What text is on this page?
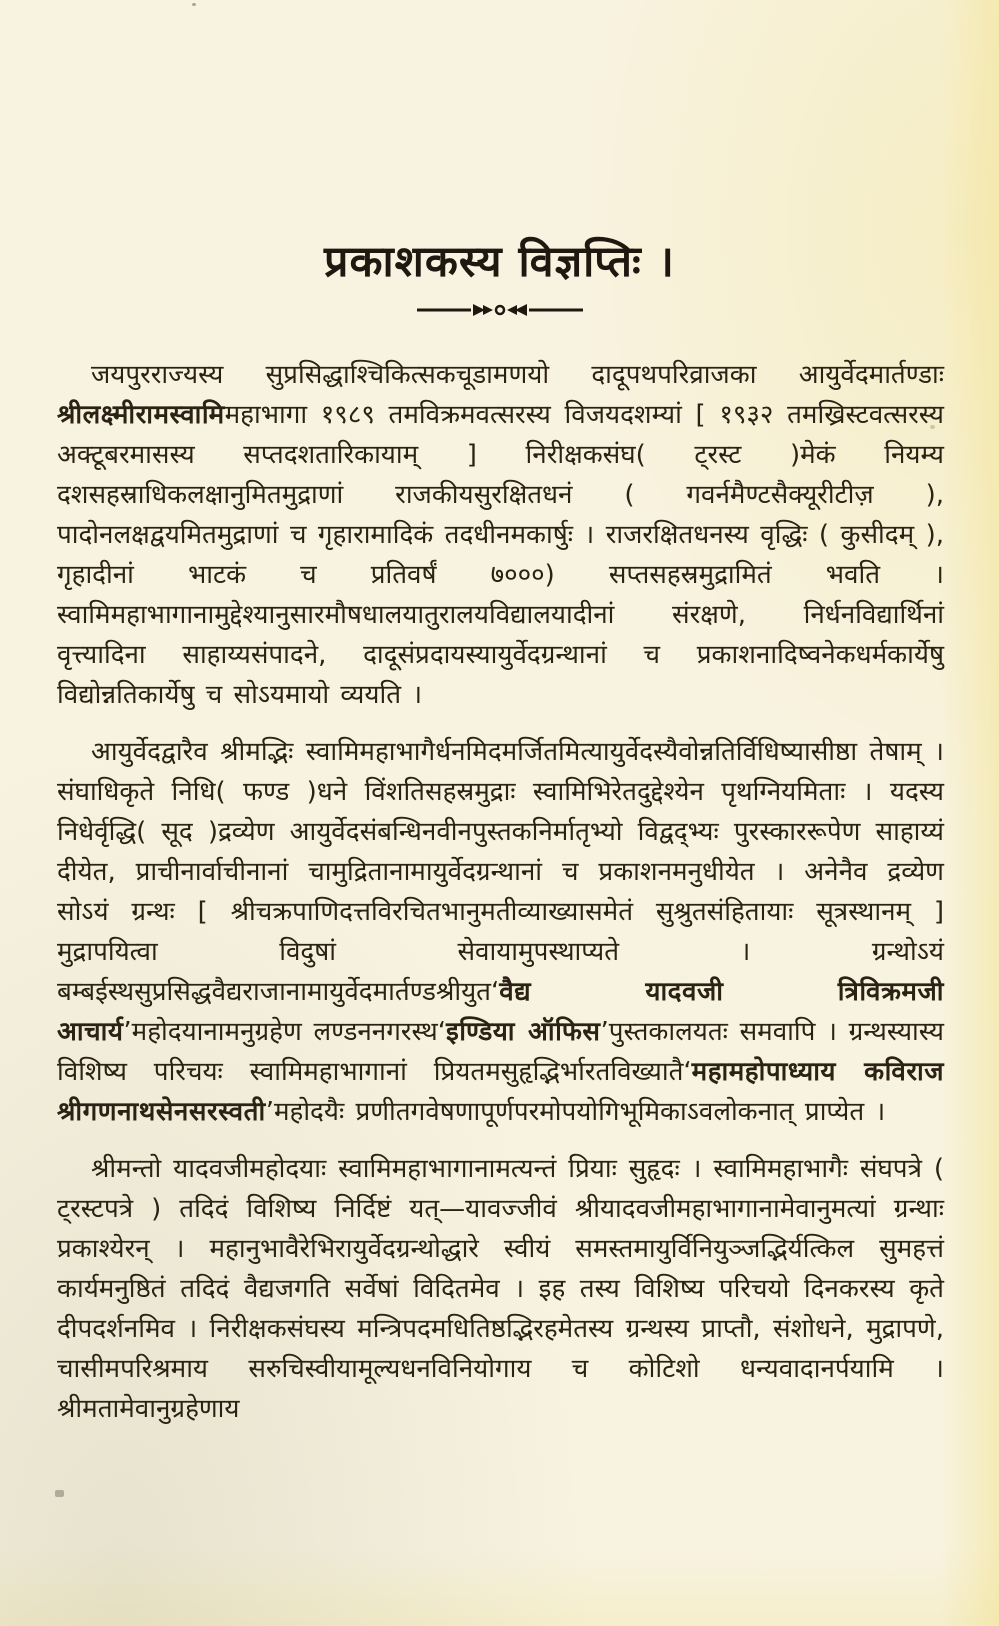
प्रकाशकस्य विज्ञप्तिः ।

जयपुरराज्यस्य सुप्रसिद्धाश्चिकित्सकचूडामणयो दादूपथपरिव्राजका आयुर्वेदमार्तण्डाः श्रीलक्ष्मीरामस्वामिमहाभागा १९८९ तमविक्रमवत्सरस्य विजयदशम्यां [ १९३२ तमख्रिस्टवत्सरस्य अक्टूबरमासस्य सप्तदशतारिकायाम् ] निरीक्षकसंघ( ट्रस्ट )मेकं नियम्य दशसहस्राधिकलक्षानुमितमुद्राणां राजकीयसुरक्षितधनं ( गवर्नमैण्टसैक्यूरीटीज़ ), पादोनलक्षद्वयमितमुद्राणां च गृहारामादिकं तदधीनमकार्षुः । राजरक्षितधनस्य वृद्धिः ( कुसीदम् ), गृहादीनां भाटकं च प्रतिवर्षं ७०००) सप्तसहस्रमुद्रामितं भवति । स्वामिमहाभागानामुद्देश्यानुसारमौषधालयातुरालयविद्यालयादीनां संरक्षणे, निर्धनविद्यार्थिनां वृत्त्यादिना साहाय्यसंपादने, दादूसंप्रदायस्यायुर्वेदग्रन्थानां च प्रकाशनादिष्वनेकधर्मकार्येषु विद्योन्नतिकार्येषु च सोऽयमायो व्ययति ।

आयुर्वेदद्वारैव श्रीमद्भिः स्वामिमहाभागैर्धनमिदमर्जितमित्यायुर्वेदस्यैवोन्नतिर्विधिष्यासीष्ठा तेषाम् । संघाधिकृते निधि( फण्ड )धने विंशतिसहस्रमुद्राः स्वामिभिरेतदुद्देश्येन पृथग्नियमिताः । यदस्य निधेर्वृद्धि( सूद )द्रव्येण आयुर्वेदसंबन्धिनवीनपुस्तकनिर्मातृभ्यो विद्वद्भ्यः पुरस्काररूपेण साहाय्यं दीयेत, प्राचीनार्वाचीनानां चामुद्रितानामायुर्वेदग्रन्थानां च प्रकाशनमनुधीयेत । अनेनैव द्रव्येण सोऽयं ग्रन्थः [ श्रीचक्रपाणिदत्तविरचितभानुमतीव्याख्यासमेतं सुश्रुतसंहितायाः सूत्रस्थानम् ] मुद्रापयित्वा विदुषां सेवायामुपस्थाप्यते । ग्रन्थोऽयं बम्बईस्थसुप्रसिद्धवैद्यराजानामायुर्वेदमार्तण्डश्रीयुत‘वैद्य यादवजी त्रिविक्रमजी आचार्य’महोदयानामनुग्रहेण लण्डननगरस्थ‘इण्डिया ऑफिस’पुस्तकालयतः समवापि । ग्रन्थस्यास्य विशिष्य परिचयः स्वामिमहाभागानां प्रियतमसुहृद्भिर्भारतविख्यातै‘महामहोपाध्याय कविराज श्रीगणनाथसेनसरस्वती’महोदयैः प्रणीतगवेषणापूर्णपरमोपयोगिभूमिकाऽवलोकनात् प्राप्येत ।

श्रीमन्तो यादवजीमहोदयाः स्वामिमहाभागानामत्यन्तं प्रियाः सुहृदः । स्वामिमहाभागैः संघपत्रे ( ट्रस्टपत्रे ) तदिदं विशिष्य निर्दिष्टं यत्—यावज्जीवं श्रीयादवजीमहाभागानामेवानुमत्यां ग्रन्थाः प्रकाश्येरन् । महानुभावैरेभिरायुर्वेदग्रन्थोद्धारे स्वीयं समस्तमायुर्विनियुञ्जद्भिर्यत्किल सुमहत्तं कार्यमनुष्ठितं तदिदं वैद्यजगति सर्वेषां विदितमेव । इह तस्य विशिष्य परिचयो दिनकरस्य कृते दीपदर्शनमिव । निरीक्षकसंघस्य मन्त्रिपदमधितिष्ठद्भिरहमेतस्य ग्रन्थस्य प्राप्तौ, संशोधने, मुद्रापणे, चासीमपरिश्रमाय सरुचिस्वीयामूल्यधनविनियोगाय च कोटिशो धन्यवादानर्पयामि । श्रीमतामेवानुग्रहेणाय
